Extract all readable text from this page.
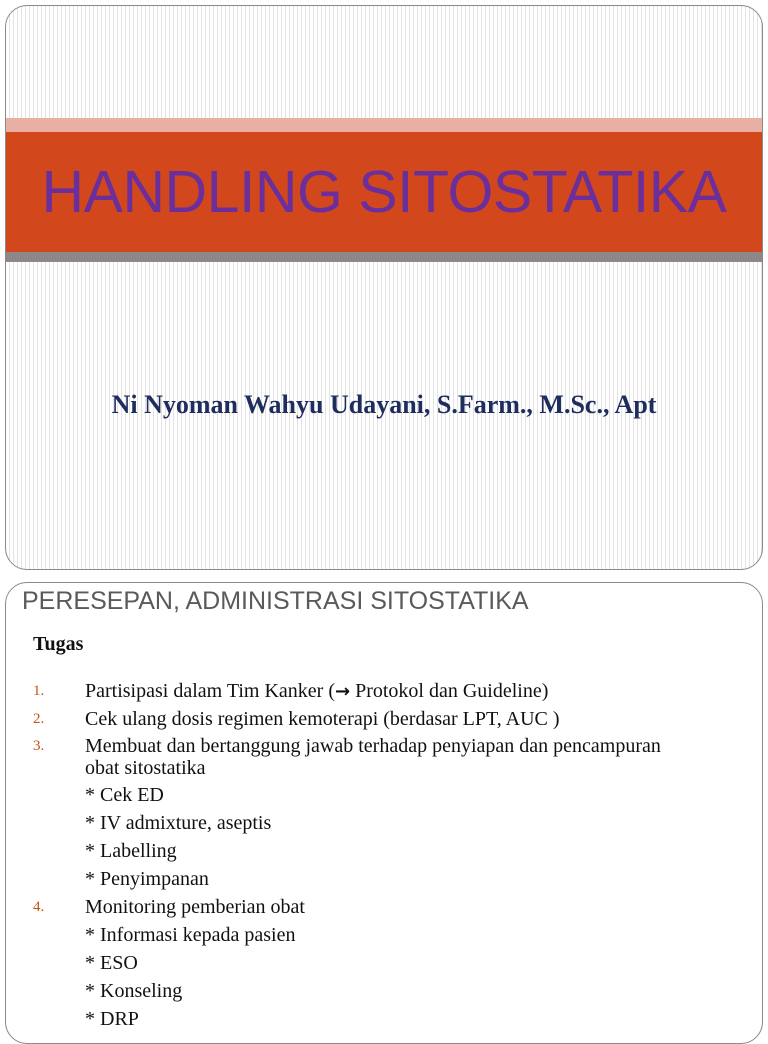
HANDLING SITOSTATIKA
Ni Nyoman Wahyu Udayani, S.Farm., M.Sc., Apt
PERESEPAN, ADMINISTRASI SITOSTATIKA
Tugas
1. Partisipasi dalam Tim Kanker (→ Protokol dan Guideline)
2. Cek ulang dosis regimen kemoterapi (berdasar LPT, AUC )
3. Membuat dan bertanggung jawab terhadap penyiapan dan pencampuran obat sitostatika
* Cek ED
* IV admixture, aseptis
* Labelling
* Penyimpanan
4. Monitoring pemberian obat
* Informasi kepada pasien
* ESO
* Konseling
* DRP
